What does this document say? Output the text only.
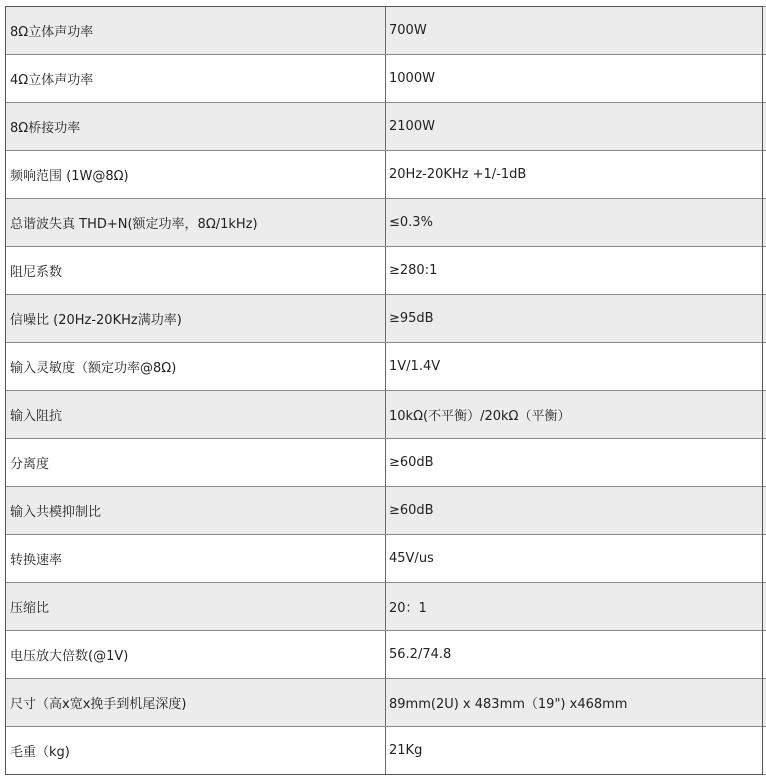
8Ω立体声功率	700W
4Ω立体声功率	1000W
8Ω桥接功率	2100W
频响范围 (1W@8Ω)	20Hz-20KHz +1/-1dB
总谐波失真 THD+N(额定功率，8Ω/1kHz)	≤0.3%
阻尼系数	≥280:1
信噪比 (20Hz-20KHz满功率)	≥95dB
输入灵敏度（额定功率@8Ω)	1V/1.4V
输入阻抗	10kΩ(不平衡）/20kΩ（平衡）
分离度	≥60dB
输入共模抑制比	≥60dB
转换速率	45V/us
压缩比	20：1
电压放大倍数(@1V)	56.2/74.8
尺寸（高x宽x挽手到机尾深度)	89mm(2U) x 483mm（19") x468mm
毛重（kg)	21Kg
